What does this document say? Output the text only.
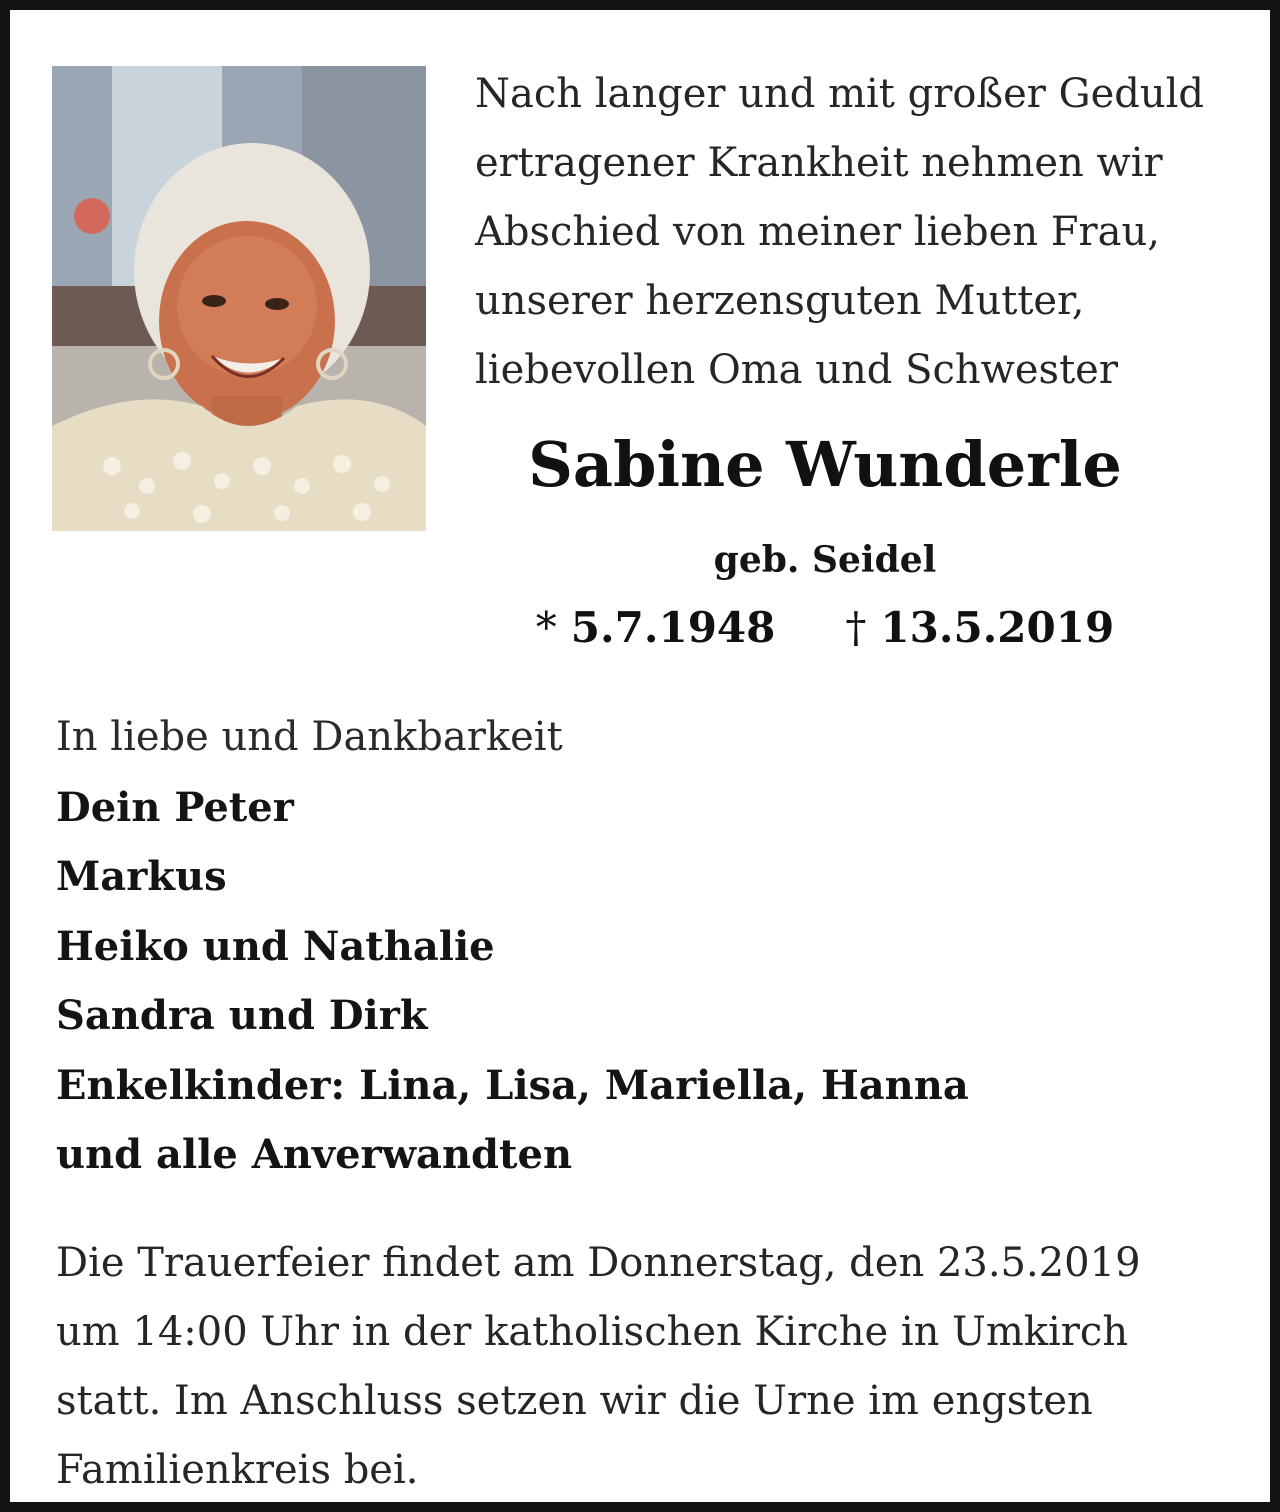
Nach langer und mit großer Geduld
ertragener Krankheit nehmen wir
Abschied von meiner lieben Frau,
unserer herzensguten Mutter,
liebevollen Oma und Schwester
Sabine Wunderle
geb. Seidel
* 5.7.1948 † 13.5.2019
In liebe und Dankbarkeit
Dein Peter
Markus
Heiko und Nathalie
Sandra und Dirk
Enkelkinder: Lina, Lisa, Mariella, Hanna
und alle Anverwandten
Die Trauerfeier findet am Donnerstag, den 23.5.2019
um 14:00 Uhr in der katholischen Kirche in Umkirch
statt. Im Anschluss setzen wir die Urne im engsten
Familienkreis bei.
